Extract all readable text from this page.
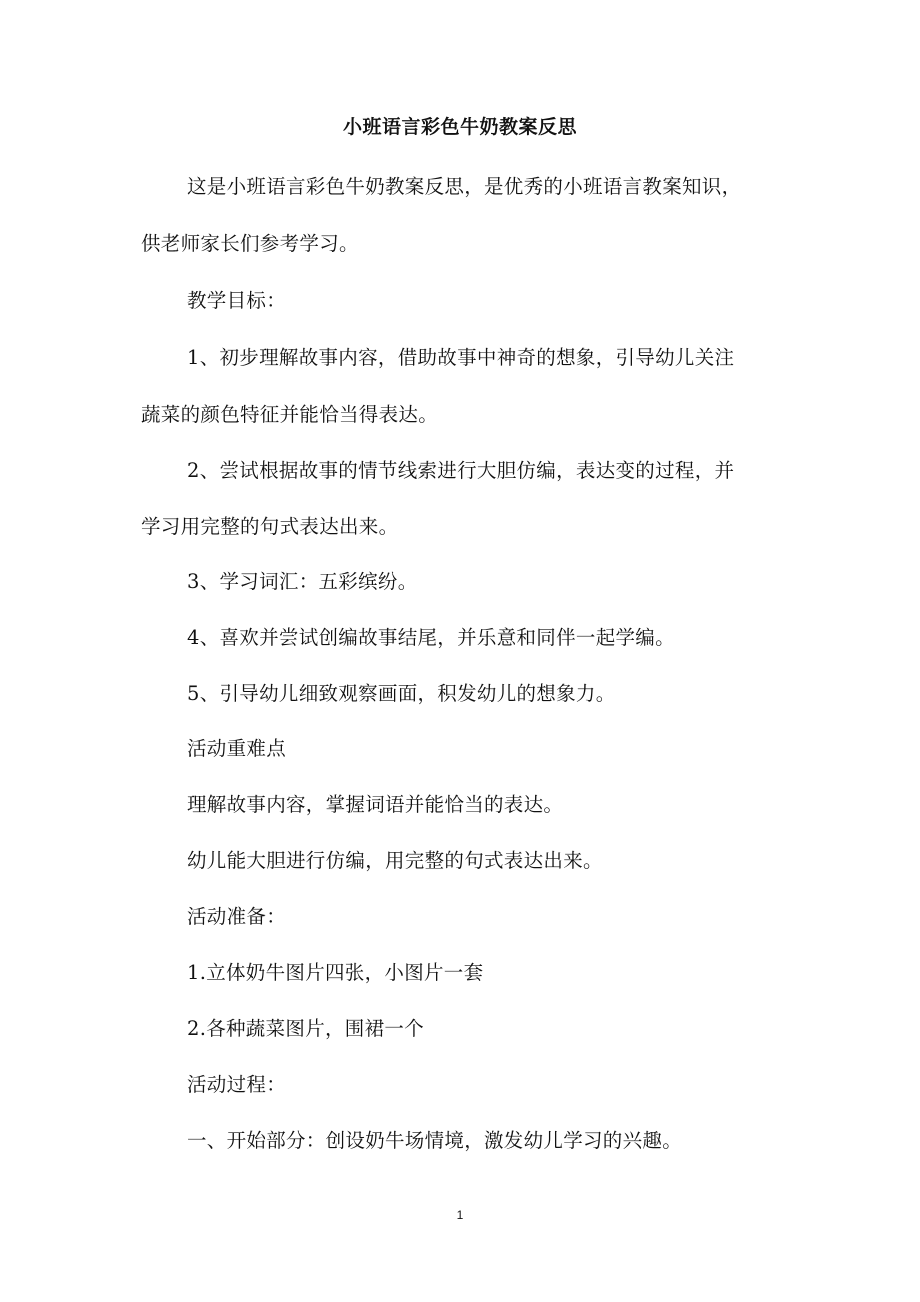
小班语言彩色牛奶教案反思
这是小班语言彩色牛奶教案反思，是优秀的小班语言教案知识，
供老师家长们参考学习。
教学目标：
1、初步理解故事内容，借助故事中神奇的想象，引导幼儿关注
蔬菜的颜色特征并能恰当得表达。
2、尝试根据故事的情节线索进行大胆仿编，表达变的过程，并
学习用完整的句式表达出来。
3、学习词汇：五彩缤纷。
4、喜欢并尝试创编故事结尾，并乐意和同伴一起学编。
5、引导幼儿细致观察画面，积发幼儿的想象力。
活动重难点
理解故事内容，掌握词语并能恰当的表达。
幼儿能大胆进行仿编，用完整的句式表达出来。
活动准备：
1.立体奶牛图片四张，小图片一套
2.各种蔬菜图片，围裙一个
活动过程：
一、开始部分：创设奶牛场情境，激发幼儿学习的兴趣。
1
